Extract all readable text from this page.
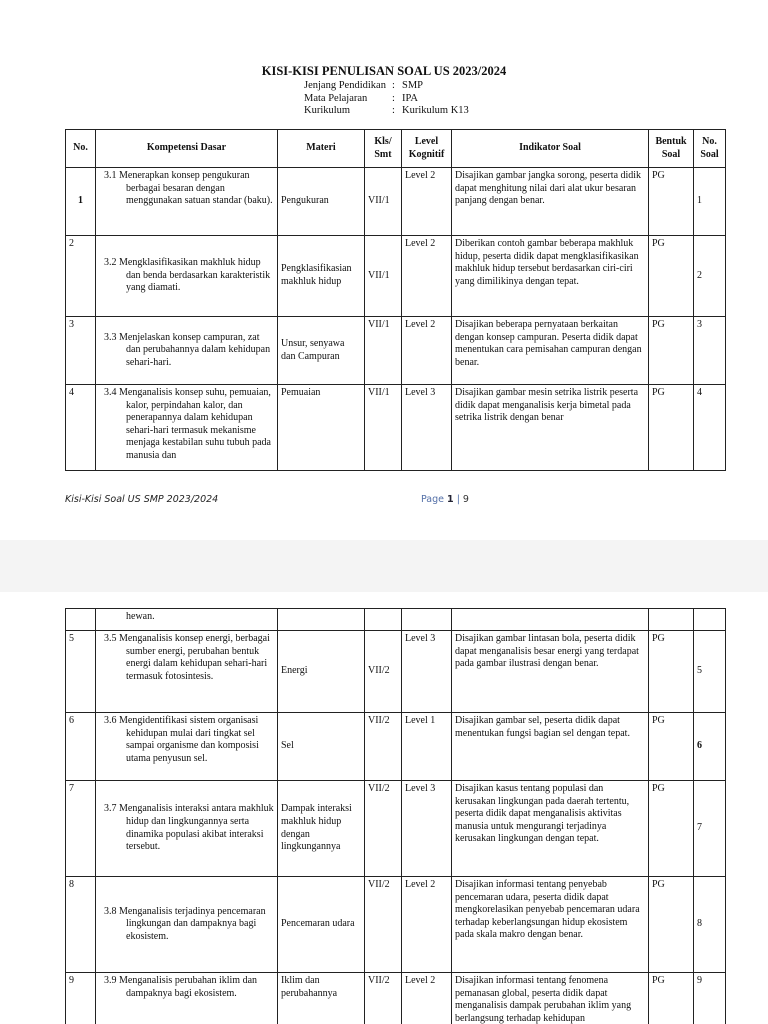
KISI-KISI PENULISAN SOAL US 2023/2024
Jenjang Pendidikan : SMP
Mata Pelajaran	: IPA
Kurikulum	: Kurikulum K13
No.	Kompetensi Dasar	Materi	Kls/ Smt	Level Kognitif	Indikator Soal	Bentuk Soal	No. Soal
1	3.1 Menerapkan konsep pengukuran berbagai besaran dengan menggunakan satuan standar (baku).	Pengukuran	VII/1	Level 2	Disajikan gambar jangka sorong, peserta didik dapat menghitung nilai dari alat ukur besaran panjang dengan benar.	PG	1
2	3.2 Mengklasifikasikan makhluk hidup dan benda berdasarkan karakteristik yang diamati.	Pengklasifikasian makhluk hidup	VII/1	Level 2	Diberikan contoh gambar beberapa makhluk hidup, peserta didik dapat mengklasifikasikan makhluk hidup tersebut berdasarkan ciri-ciri yang dimilikinya dengan tepat.	PG	2
3	3.3 Menjelaskan konsep campuran, zat dan perubahannya dalam kehidupan sehari-hari.	Unsur, senyawa dan Campuran	VII/1	Level 2	Disajikan beberapa pernyataan berkaitan dengan konsep campuran. Peserta didik dapat menentukan cara pemisahan campuran dengan benar.	PG	3
4	3.4 Menganalisis konsep suhu, pemuaian, kalor, perpindahan kalor, dan penerapannya dalam kehidupan sehari-hari termasuk mekanisme menjaga kestabilan suhu tubuh pada manusia dan	Pemuaian	VII/1	Level 3	Disajikan gambar mesin setrika listrik peserta didik dapat menganalisis kerja bimetal pada setrika listrik dengan benar	PG	4
Kisi-Kisi Soal US SMP 2023/2024	Page 1 | 9
	hewan.						
5	3.5 Menganalisis konsep energi, berbagai sumber energi, perubahan bentuk energi dalam kehidupan sehari-hari termasuk fotosintesis.	Energi	VII/2	Level 3	Disajikan gambar lintasan bola, peserta didik dapat menganalisis besar energi yang terdapat pada gambar ilustrasi dengan benar.	PG	5
6	3.6 Mengidentifikasi sistem organisasi kehidupan mulai dari tingkat sel sampai organisme dan komposisi utama penyusun sel.	Sel	VII/2	Level 1	Disajikan gambar sel, peserta didik dapat menentukan fungsi bagian sel dengan tepat.	PG	6
7	3.7 Menganalisis interaksi antara makhluk hidup dan lingkungannya serta dinamika populasi akibat interaksi tersebut.	Dampak interaksi makhluk hidup dengan lingkungannya	VII/2	Level 3	Disajikan kasus tentang populasi dan kerusakan lingkungan pada daerah tertentu, peserta didik dapat menganalisis aktivitas manusia untuk mengurangi terjadinya kerusakan lingkungan dengan tepat.	PG	7
8	3.8 Menganalisis terjadinya pencemaran lingkungan dan dampaknya bagi ekosistem.	Pencemaran udara	VII/2	Level 2	Disajikan informasi tentang penyebab pencemaran udara, peserta didik dapat mengkorelasikan penyebab pencemaran udara terhadap keberlangsungan hidup ekosistem pada skala makro dengan benar.	PG	8
9	3.9 Menganalisis perubahan iklim dan dampaknya bagi ekosistem.	Iklim dan perubahannya	VII/2	Level 2	Disajikan informasi tentang fenomena pemanasan global, peserta didik dapat menganalisis dampak perubahan iklim yang berlangsung terhadap kehidupan	PG	9
